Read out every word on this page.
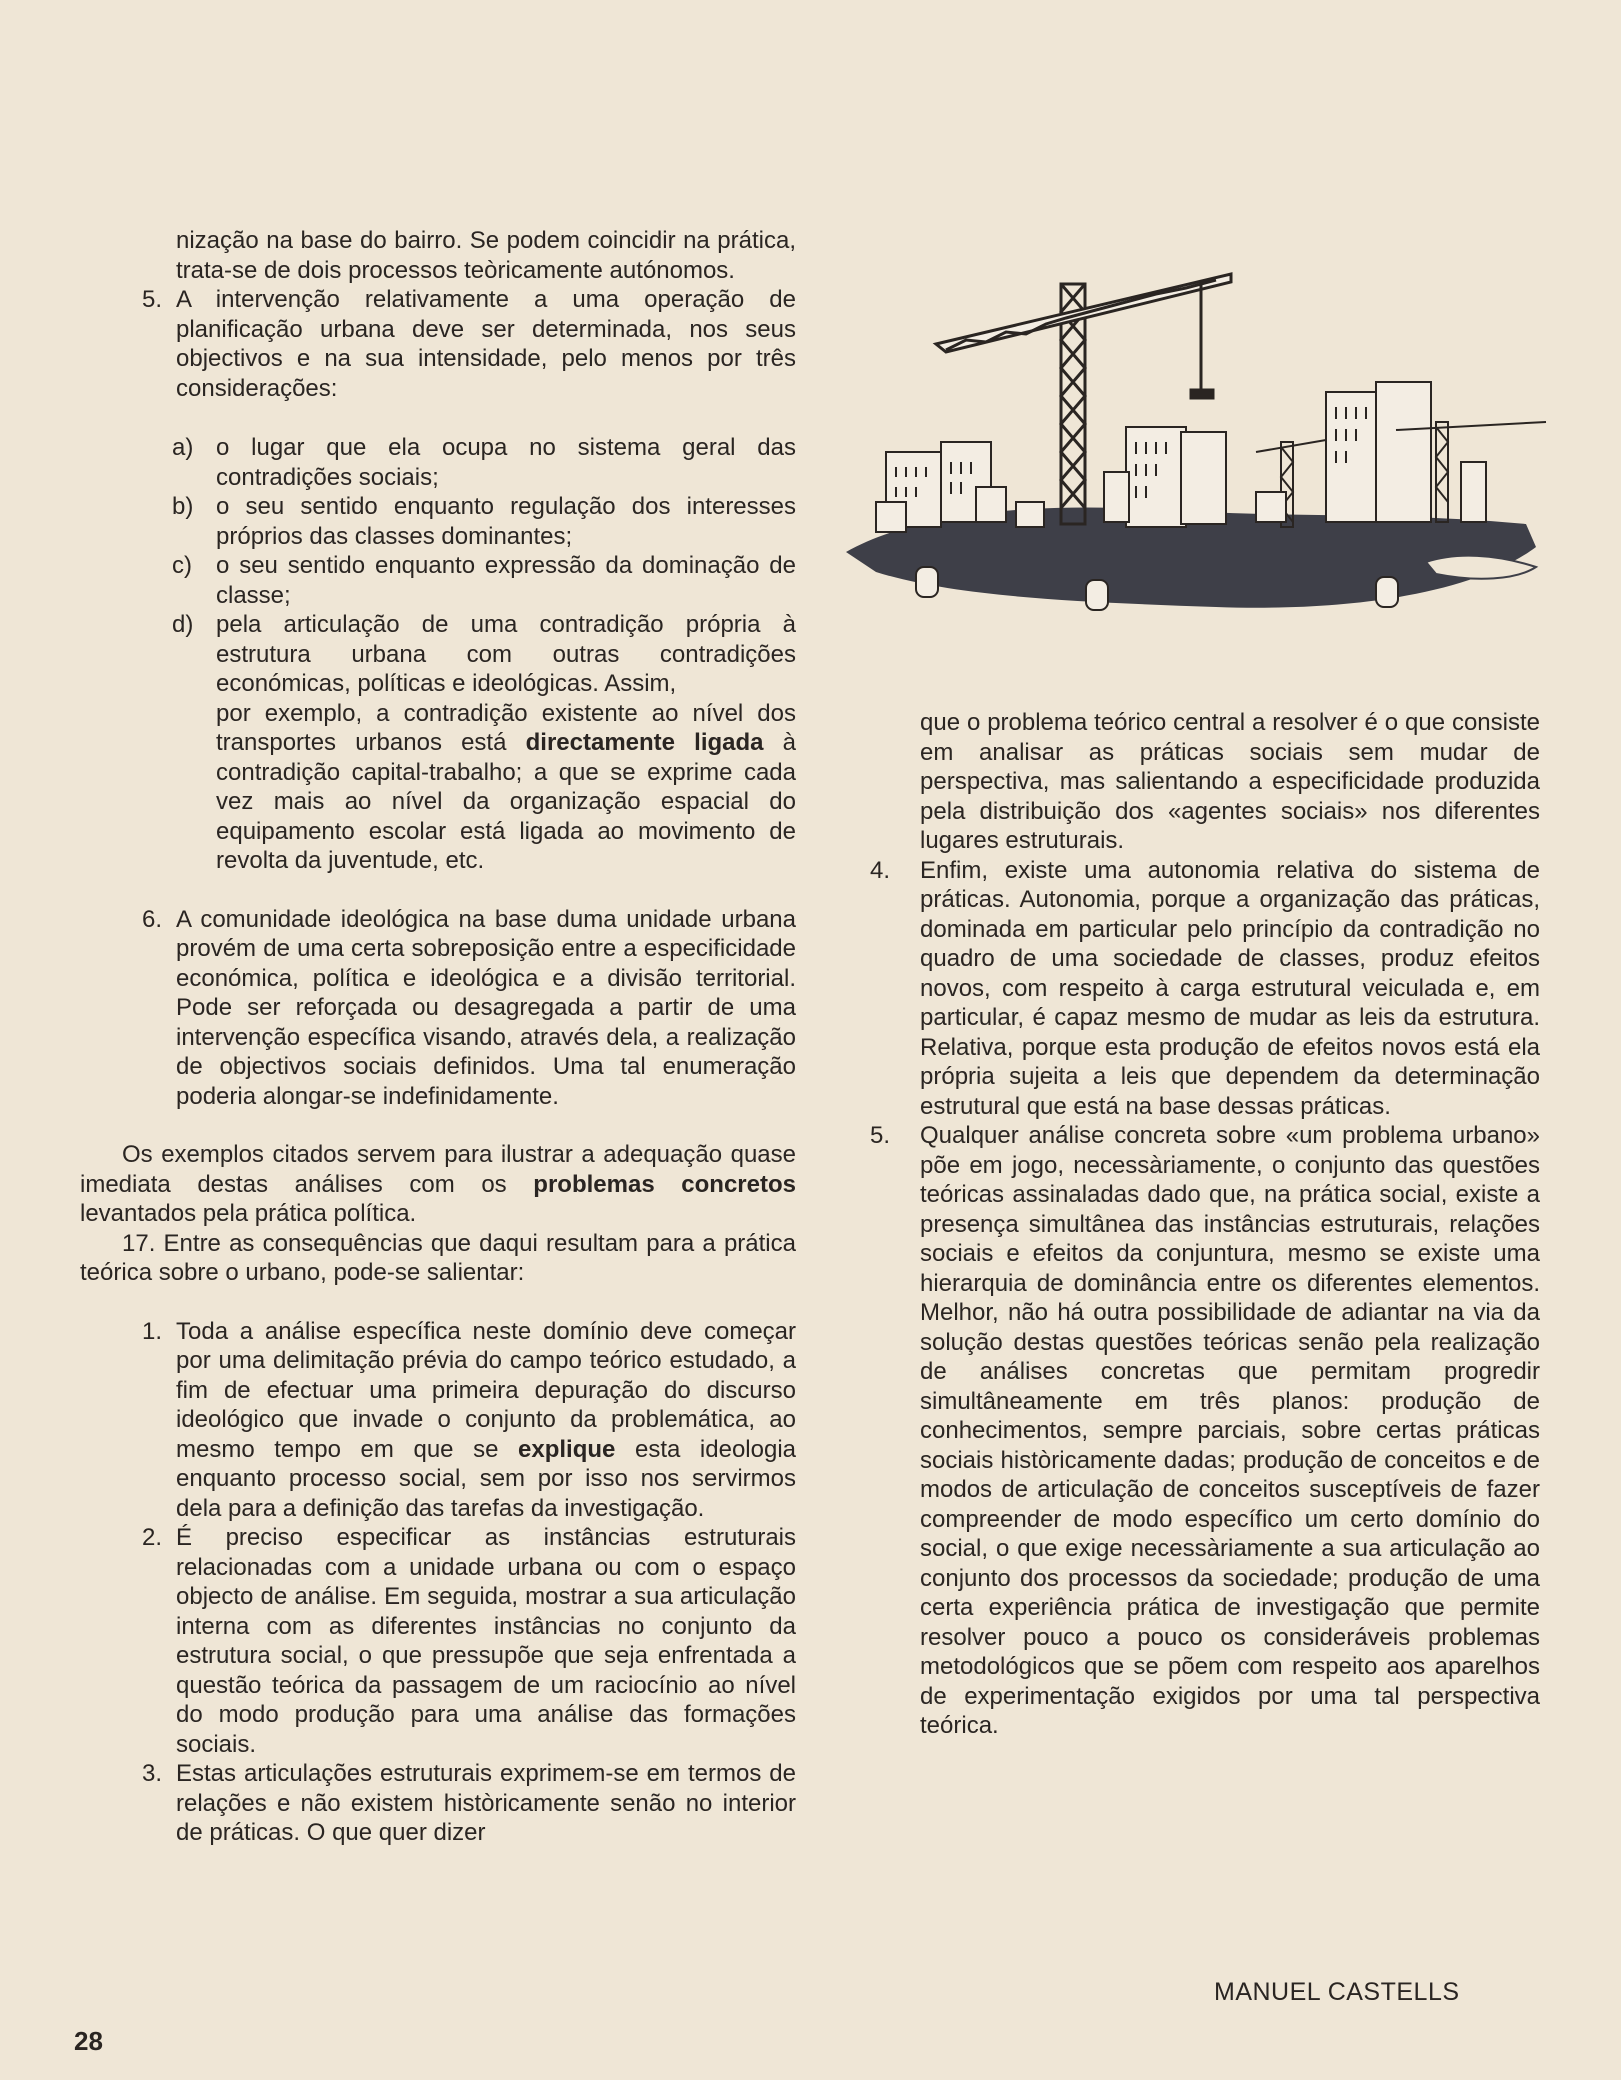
nização na base do bairro. Se podem coincidir na prática, trata-se de dois processos teòricamente autónomos.

5. A intervenção relativamente a uma operação de planificação urbana deve ser determinada, nos seus objectivos e na sua intensidade, pelo menos por três considerações:
a) o lugar que ela ocupa no sistema geral das contradições sociais;
b) o seu sentido enquanto regulação dos interesses próprios das classes dominantes;
c)	o seu sentido enquanto expressão da dominação de classe;
d) pela articulação de uma contradição própria à estrutura urbana com outras contradições económicas, políticas e ideológicas. Assim,

por exemplo, a contradição existente ao nível dos transportes urbanos está directamente ligada à contradição capital-trabalho; a que se exprime cada vez mais ao nível da organização espacial do equipamento escolar está ligada ao movimento de revolta da juventude, etc.

6. A comunidade ideológica na base duma unidade urbana provém de uma certa sobreposição entre a especificidade económica, política e ideológica e a divisão territorial. Pode ser reforçada ou desagregada a partir de uma intervenção específica visando, através dela, a realização de objectivos sociais definidos. Uma tal enumeração poderia alongar-se indefinidamente.

Os exemplos citados servem para ilustrar a adequação quase imediata destas análises com os problemas concretos levantados pela prática política.

17. Entre as consequências que daqui resultam para a prática teórica sobre o urbano, pode-se salientar:

1. Toda a análise específica neste domínio deve começar por uma delimitação prévia do campo teórico estudado, a fim de efectuar uma primeira depuração do discurso ideológico que invade o conjunto da problemática, ao mesmo tempo em que se explique esta ideologia enquanto processo social, sem por isso nos servirmos dela para a definição das tarefas da investigação.
2. É preciso especificar as instâncias estruturais relacionadas com a unidade urbana ou com o espaço objecto de análise. Em seguida, mostrar a sua articulação interna com as diferentes instâncias no conjunto da estrutura social, o que pressupõe que seja enfrentada a questão teórica da passagem de um raciocínio ao nível do modo produção para uma análise das formações sociais.
3. Estas articulações estruturais exprimem-se em termos de relações e não existem històricamente senão no interior de práticas. O que quer dizer

que o problema teórico central a resolver é o que consiste em analisar as práticas sociais sem mudar de perspectiva, mas salientando a especificidade produzida pela distribuição dos «agentes sociais» nos diferentes lugares estruturais.

4.	Enfim, existe uma autonomia relativa do sistema de práticas. Autonomia, porque a organização das práticas, dominada em particular pelo princípio da contradição no quadro de uma sociedade de classes, produz efeitos novos, com respeito à carga estrutural veiculada e, em particular, é capaz mesmo de mudar as leis da estrutura. Relativa, porque esta produção de efeitos novos está ela própria sujeita a leis que dependem da determinação estrutural que está na base dessas práticas.
5.	Qualquer análise concreta sobre «um problema urbano» põe em jogo, necessàriamente, o conjunto das questões teóricas assinaladas dado que, na prática social, existe a presença simultânea das instâncias estruturais, relações sociais e efeitos da conjuntura, mesmo se existe uma hierarquia de dominância entre os diferentes elementos. Melhor, não há outra possibilidade de adiantar na via da solução destas questões teóricas senão pela realização de análises concretas que permitam progredir simultâneamente em três planos: produção de conhecimentos, sempre parciais, sobre certas práticas sociais històricamente dadas; produção de conceitos e de modos de articulação de conceitos susceptíveis de fazer compreender de modo específico um certo domínio do social, o que exige necessàriamente a sua articulação ao conjunto dos processos da sociedade; produção de uma certa experiência prática de investigação que permite resolver pouco a pouco os consideráveis problemas metodológicos que se põem com respeito aos aparelhos de experimentação exigidos por uma tal perspectiva teórica.
MANUEL CASTELLS
28
